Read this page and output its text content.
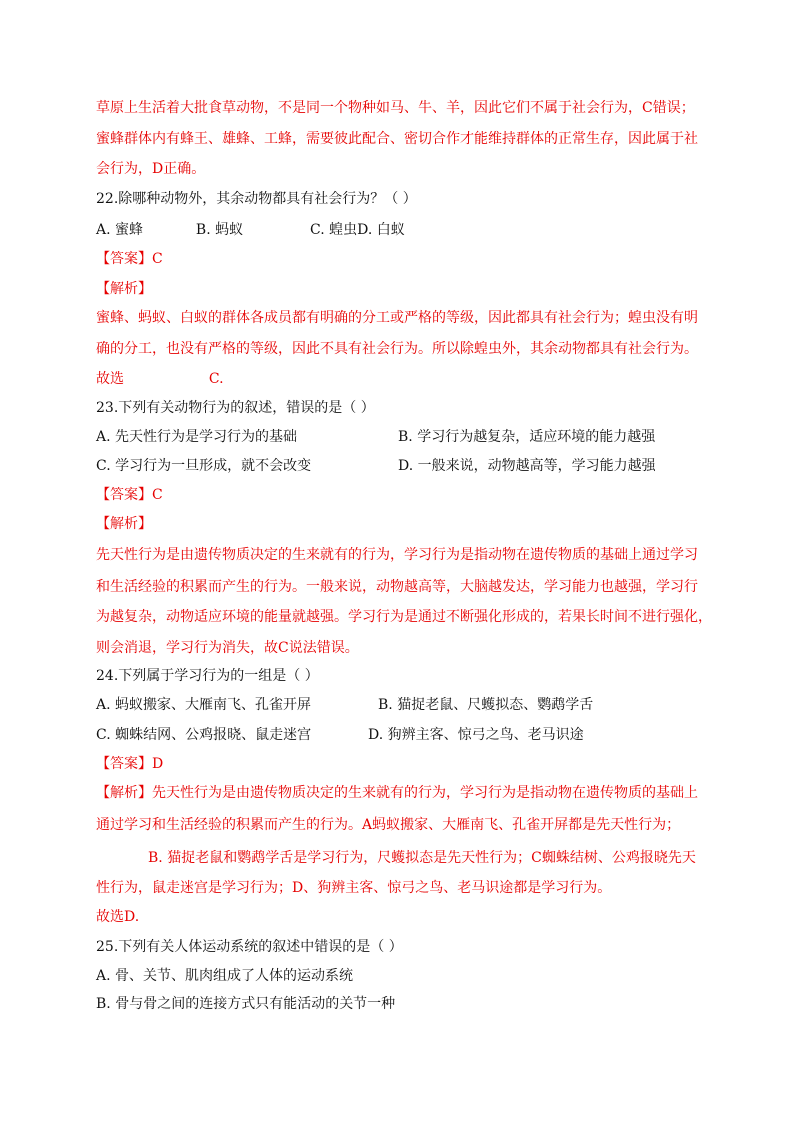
草原上生活着大批食草动物，不是同一个物种如马、牛、羊，因此它们不属于社会行为，C错误；
蜜蜂群体内有蜂王、雄蜂、工蜂，需要彼此配合、密切合作才能维持群体的正常生存，因此属于社
会行为，D正确。
22.除哪种动物外，其余动物都具有社会行为？（ ）
A. 蜜蜂	B. 蚂蚁	C. 蝗虫D. 白蚁
【答案】C
【解析】
蜜蜂、蚂蚁、白蚁的群体各成员都有明确的分工或严格的等级，因此都具有社会行为；蝗虫没有明
确的分工，也没有严格的等级，因此不具有社会行为。所以除蝗虫外，其余动物都具有社会行为。
故选	C.
23.下列有关动物行为的叙述，错误的是（ ）
A. 先天性行为是学习行为的基础	B. 学习行为越复杂，适应环境的能力越强
C. 学习行为一旦形成，就不会改变	D. 一般来说，动物越高等，学习能力越强
【答案】C
【解析】
先天性行为是由遗传物质决定的生来就有的行为，学习行为是指动物在遗传物质的基础上通过学习
和生活经验的积累而产生的行为。一般来说，动物越高等，大脑越发达，学习能力也越强，学习行
为越复杂，动物适应环境的能量就越强。学习行为是通过不断强化形成的，若果长时间不进行强化，
则会消退，学习行为消失，故C说法错误。
24.下列属于学习行为的一组是（ ）
A. 蚂蚁搬家、大雁南飞、孔雀开屏	B. 猫捉老鼠、尺蠖拟态、鹦鹉学舌
C. 蜘蛛结网、公鸡报晓、鼠走迷宫	D. 狗辨主客、惊弓之鸟、老马识途
【答案】D
【解析】先天性行为是由遗传物质决定的生来就有的行为，学习行为是指动物在遗传物质的基础上
通过学习和生活经验的积累而产生的行为。A蚂蚁搬家、大雁南飞、孔雀开屏都是先天性行为；
B. 猫捉老鼠和鹦鹉学舌是学习行为，尺蠖拟态是先天性行为；C蜘蛛结树、公鸡报晓先天
性行为，鼠走迷宫是学习行为；D、狗辨主客、惊弓之鸟、老马识途都是学习行为。
故选D.
25.下列有关人体运动系统的叙述中错误的是（ ）
A. 骨、关节、肌肉组成了人体的运动系统
B. 骨与骨之间的连接方式只有能活动的关节一种
